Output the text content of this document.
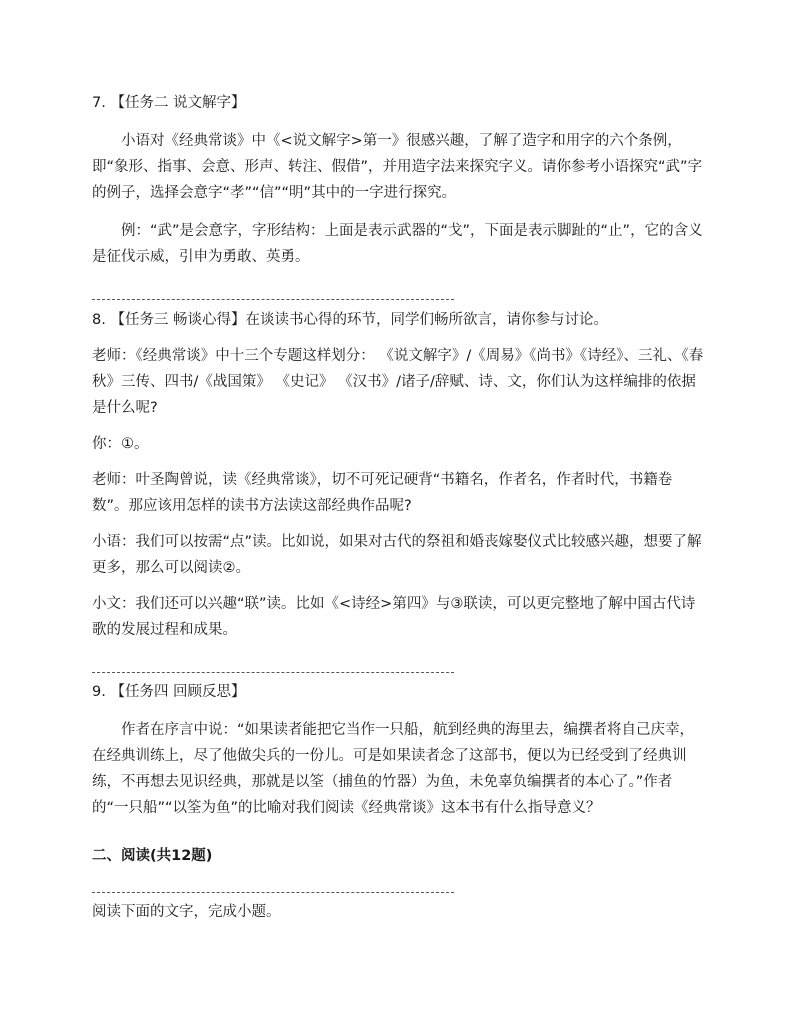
7. 【任务二 说文解字】

小语对《经典常谈》中《<说文解字>第一》很感兴趣，了解了造字和用字的六个条例，即“象形、指事、会意、形声、转注、假借”，并用造字法来探究字义。请你参考小语探究“武”字的例子，选择会意字“孝”“信”“明”其中的一字进行探究。

例：“武”是会意字，字形结构：上面是表示武器的“戈”，下面是表示脚趾的“止”，它的含义是征伐示威，引申为勇敢、英勇。

8. 【任务三 畅谈心得】在谈读书心得的环节，同学们畅所欲言，请你参与讨论。

老师：《经典常谈》中十三个专题这样划分： 《说文解字》/《周易》《尚书》《诗经》、三礼、《春秋》三传、四书/《战国策》 《史记》 《汉书》/诸子/辞赋、诗、文，你们认为这样编排的依据是什么呢?

你：①。

老师：叶圣陶曾说，读《经典常谈》，切不可死记硬背“书籍名，作者名，作者时代，书籍卷数”。那应该用怎样的读书方法读这部经典作品呢?

小语：我们可以按需“点”读。比如说，如果对古代的祭祖和婚丧嫁娶仪式比较感兴趣，想要了解更多，那么可以阅读②。

小文：我们还可以兴趣“联”读。比如《<诗经>第四》与③联读，可以更完整地了解中国古代诗歌的发展过程和成果。

9. 【任务四 回顾反思】

作者在序言中说：“如果读者能把它当作一只船，航到经典的海里去，编撰者将自己庆幸，在经典训练上，尽了他做尖兵的一份儿。可是如果读者念了这部书，便以为已经受到了经典训练，不再想去见识经典，那就是以筌（捕鱼的竹器）为鱼，未免辜负编撰者的本心了。”作者的“一只船”“以筌为鱼”的比喻对我们阅读《经典常谈》这本书有什么指导意义？

二、阅读(共12题)

阅读下面的文字，完成小题。
